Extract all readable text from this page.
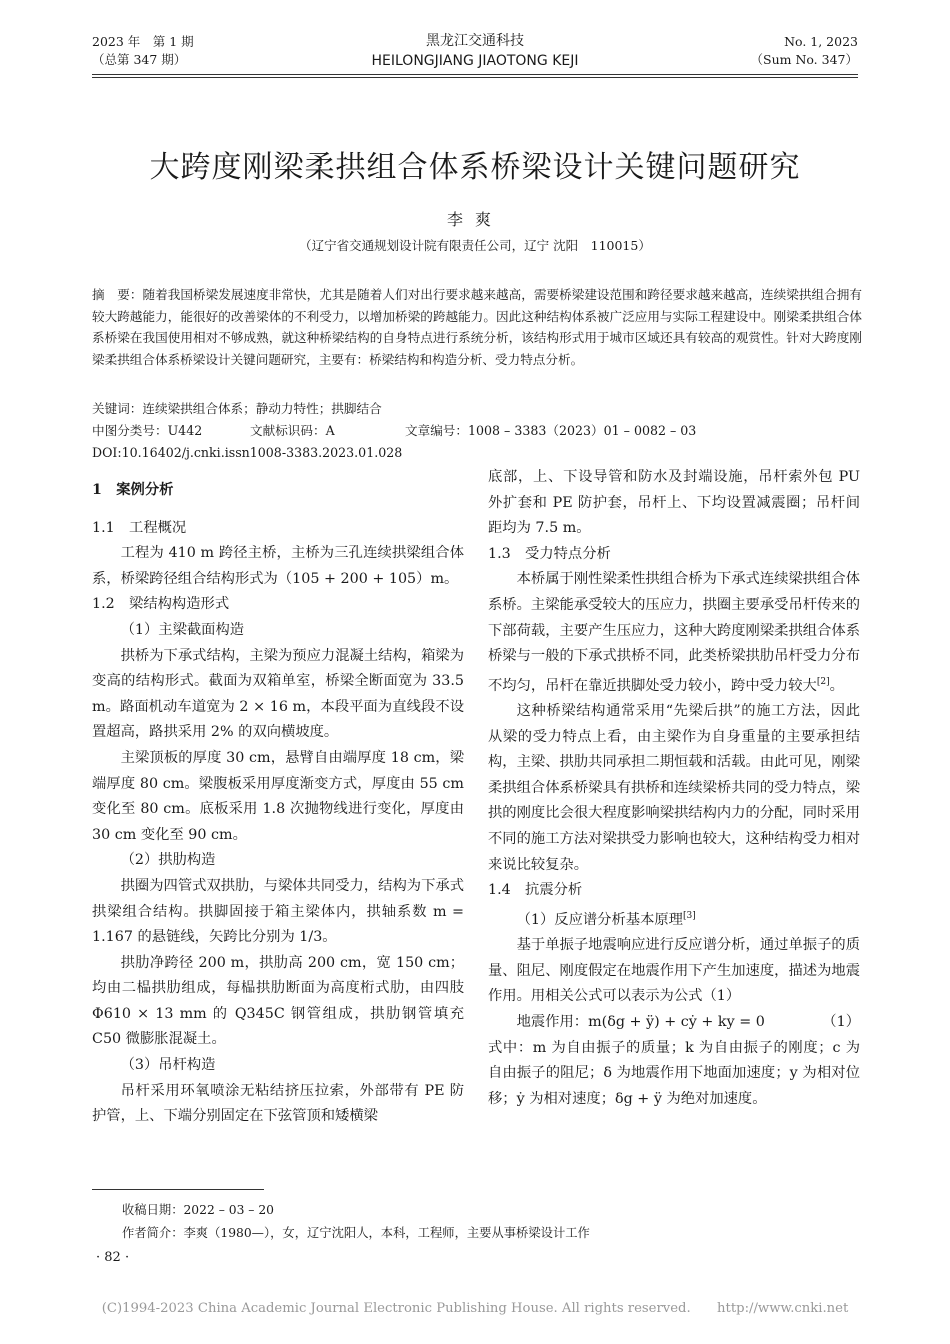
2023 年　第 1 期
（总第 347 期）
黑龙江交通科技
HEILONGJIANG JIAOTONG KEJI
No. 1, 2023
（Sum No. 347）
大跨度刚梁柔拱组合体系桥梁设计关键问题研究
李爽
（辽宁省交通规划设计院有限责任公司，辽宁 沈阳　110015）
摘　要：随着我国桥梁发展速度非常快，尤其是随着人们对出行要求越来越高，需要桥梁建设范围和跨径要求越来越高，连续梁拱组合拥有较大跨越能力，能很好的改善梁体的不利受力，以增加桥梁的跨越能力。因此这种结构体系被广泛应用与实际工程建设中。刚梁柔拱组合体系桥梁在我国使用相对不够成熟，就这种桥梁结构的自身特点进行系统分析，该结构形式用于城市区域还具有较高的观赏性。针对大跨度刚梁柔拱组合体系桥梁设计关键问题研究，主要有：桥梁结构和构造分析、受力特点分析。
关键词：连续梁拱组合体系；静动力特性；拱脚结合
中图分类号：U442	文献标识码：A	文章编号：1008 – 3383（2023）01 – 0082 – 03
DOI:10.16402/j.cnki.issn1008-3383.2023.01.028

1　案例分析

1.1　工程概况

工程为 410 m 跨径主桥，主桥为三孔连续拱梁组合体系，桥梁跨径组合结构形式为（105 + 200 + 105）m。

1.2　梁结构构造形式

（1）主梁截面构造

拱桥为下承式结构，主梁为预应力混凝土结构，箱梁为变高的结构形式。截面为双箱单室，桥梁全断面宽为 33.5 m。路面机动车道宽为 2 × 16 m，本段平面为直线段不设置超高，路拱采用 2% 的双向横坡度。

主梁顶板的厚度 30 cm，悬臂自由端厚度 18 cm，梁端厚度 80 cm。梁腹板采用厚度渐变方式，厚度由 55 cm 变化至 80 cm。底板采用 1.8 次抛物线进行变化，厚度由 30 cm 变化至 90 cm。

（2）拱肋构造

拱圈为四管式双拱肋，与梁体共同受力，结构为下承式拱梁组合结构。拱脚固接于箱主梁体内，拱轴系数 m = 1.167 的悬链线，矢跨比分别为 1/3。

拱肋净跨径 200 m，拱肋高 200 cm，宽 150 cm；均由二榀拱肋组成，每榀拱肋断面为高度桁式肋，由四肢 Φ610 × 13 mm 的 Q345C 钢管组成，拱肋钢管填充 C50 微膨胀混凝土。

（3）吊杆构造

吊杆采用环氧喷涂无粘结挤压拉索，外部带有 PE 防护管，上、下端分别固定在下弦管顶和矮横梁

底部，上、下设导管和防水及封端设施，吊杆索外包 PU 外扩套和 PE 防护套，吊杆上、下均设置减震圈；吊杆间距均为 7.5 m。

1.3　受力特点分析

本桥属于刚性梁柔性拱组合桥为下承式连续梁拱组合体系桥。主梁能承受较大的压应力，拱圈主要承受吊杆传来的下部荷载，主要产生压应力，这种大跨度刚梁柔拱组合体系桥梁与一般的下承式拱桥不同，此类桥梁拱肋吊杆受力分布不均匀，吊杆在靠近拱脚处受力较小，跨中受力较大[2]。

这种桥梁结构通常采用“先梁后拱”的施工方法，因此从梁的受力特点上看，由主梁作为自身重量的主要承担结构，主梁、拱肋共同承担二期恒载和活载。由此可见，刚梁柔拱组合体系桥梁具有拱桥和连续梁桥共同的受力特点，梁拱的刚度比会很大程度影响梁拱结构内力的分配，同时采用不同的施工方法对梁拱受力影响也较大，这种结构受力相对来说比较复杂。

1.4　抗震分析

（1）反应谱分析基本原理[3]

基于单振子地震响应进行反应谱分析，通过单振子的质量、阻尼、刚度假定在地震作用下产生加速度，描述为地震作用。用相关公式可以表示为公式（1）

地震作用：m(δg + ÿ) + cẏ + ky = 0	（1）

式中：m 为自由振子的质量；k 为自由振子的刚度；c 为自由振子的阻尼；δ 为地震作用下地面加速度；y 为相对位移；ẏ 为相对速度；δg + ÿ 为绝对加速度。

收稿日期：2022 – 03 – 20
作者简介：李爽（1980—），女，辽宁沈阳人，本科，工程师，主要从事桥梁设计工作
· 82 ·
(C)1994-2023 China Academic Journal Electronic Publishing House. All rights reserved.　　http://www.cnki.net
